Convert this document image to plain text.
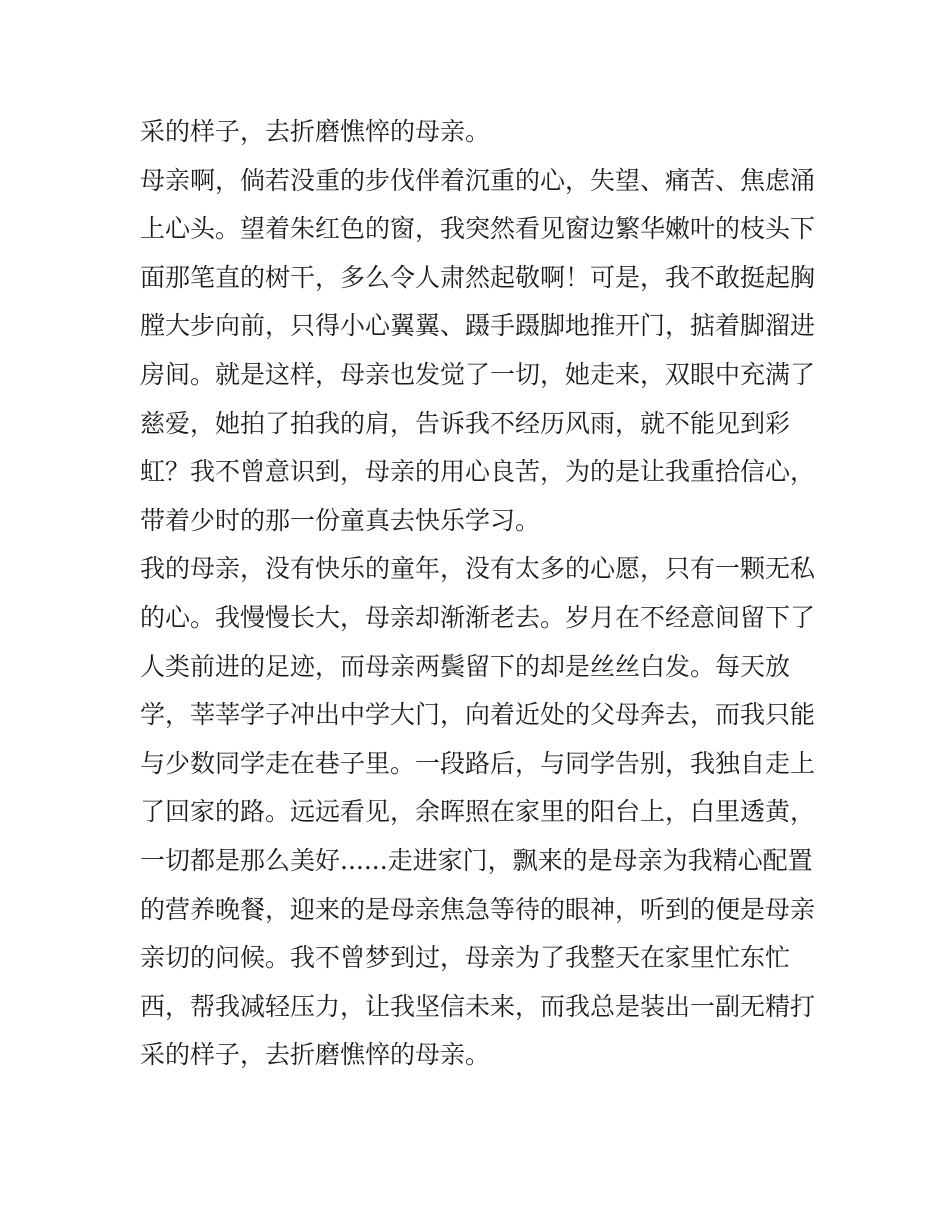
采的样子，去折磨憔悴的母亲。
母亲啊，倘若没重的步伐伴着沉重的心，失望、痛苦、焦虑涌
上心头。望着朱红色的窗，我突然看见窗边繁华嫩叶的枝头下
面那笔直的树干，多么令人肃然起敬啊！可是，我不敢挺起胸
膛大步向前，只得小心翼翼、蹑手蹑脚地推开门，掂着脚溜进
房间。就是这样，母亲也发觉了一切，她走来，双眼中充满了
慈爱，她拍了拍我的肩，告诉我不经历风雨，就不能见到彩
虹？我不曾意识到，母亲的用心良苦，为的是让我重拾信心，
带着少时的那一份童真去快乐学习。
我的母亲，没有快乐的童年，没有太多的心愿，只有一颗无私
的心。我慢慢长大，母亲却渐渐老去。岁月在不经意间留下了
人类前进的足迹，而母亲两鬓留下的却是丝丝白发。每天放
学，莘莘学子冲出中学大门，向着近处的父母奔去，而我只能
与少数同学走在巷子里。一段路后，与同学告别，我独自走上
了回家的路。远远看见，余晖照在家里的阳台上，白里透黄，
一切都是那么美好......走进家门，飘来的是母亲为我精心配置
的营养晚餐，迎来的是母亲焦急等待的眼神，听到的便是母亲
亲切的问候。我不曾梦到过，母亲为了我整天在家里忙东忙
西，帮我减轻压力，让我坚信未来，而我总是装出一副无精打
采的样子，去折磨憔悴的母亲。
